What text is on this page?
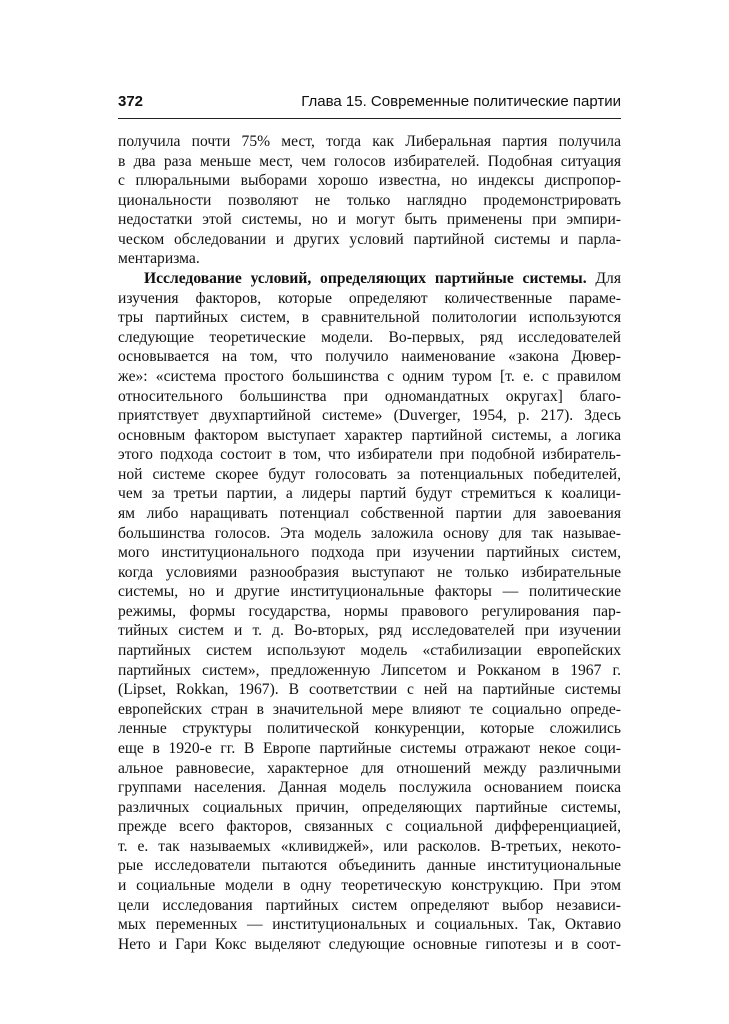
372	Глава 15. Современные политические партии
получила почти 75% мест, тогда как Либеральная партия получила
в два раза меньше мест, чем голосов избирателей. Подобная ситуация
с плюральными выборами хорошо известна, но индексы диспропор-
циональности позволяют не только наглядно продемонстрировать
недостатки этой системы, но и могут быть применены при эмпири-
ческом обследовании и других условий партийной системы и парла-
ментаризма.
Исследование условий, определяющих партийные системы. Для
изучения факторов, которые определяют количественные параме-
тры партийных систем, в сравнительной политологии используются
следующие теоретические модели. Во-первых, ряд исследователей
основывается на том, что получило наименование «закона Дювер-
же»: «система простого большинства с одним туром [т. е. с правилом
относительного большинства при одномандатных округах] благо-
приятствует двухпартийной системе» (Duverger, 1954, p. 217). Здесь
основным фактором выступает характер партийной системы, а логика
этого подхода состоит в том, что избиратели при подобной избиратель-
ной системе скорее будут голосовать за потенциальных победителей,
чем за третьи партии, а лидеры партий будут стремиться к коалици-
ям либо наращивать потенциал собственной партии для завоевания
большинства голосов. Эта модель заложила основу для так называе-
мого институционального подхода при изучении партийных систем,
когда условиями разнообразия выступают не только избирательные
системы, но и другие институциональные факторы — политические
режимы, формы государства, нормы правового регулирования пар-
тийных систем и т. д. Во-вторых, ряд исследователей при изучении
партийных систем используют модель «стабилизации европейских
партийных систем», предложенную Липсетом и Рокканом в 1967 г.
(Lipset, Rokkan, 1967). В соответствии с ней на партийные системы
европейских стран в значительной мере влияют те социально опреде-
ленные структуры политической конкуренции, которые сложились
еще в 1920-е гг. В Европе партийные системы отражают некое соци-
альное равновесие, характерное для отношений между различными
группами населения. Данная модель послужила основанием поиска
различных социальных причин, определяющих партийные системы,
прежде всего факторов, связанных с социальной дифференциацией,
т. е. так называемых «кливиджей», или расколов. В-третьих, некото-
рые исследователи пытаются объединить данные институциональные
и социальные модели в одну теоретическую конструкцию. При этом
цели исследования партийных систем определяют выбор независи-
мых переменных — институциональных и социальных. Так, Октавио
Нето и Гари Кокс выделяют следующие основные гипотезы и в соот-
